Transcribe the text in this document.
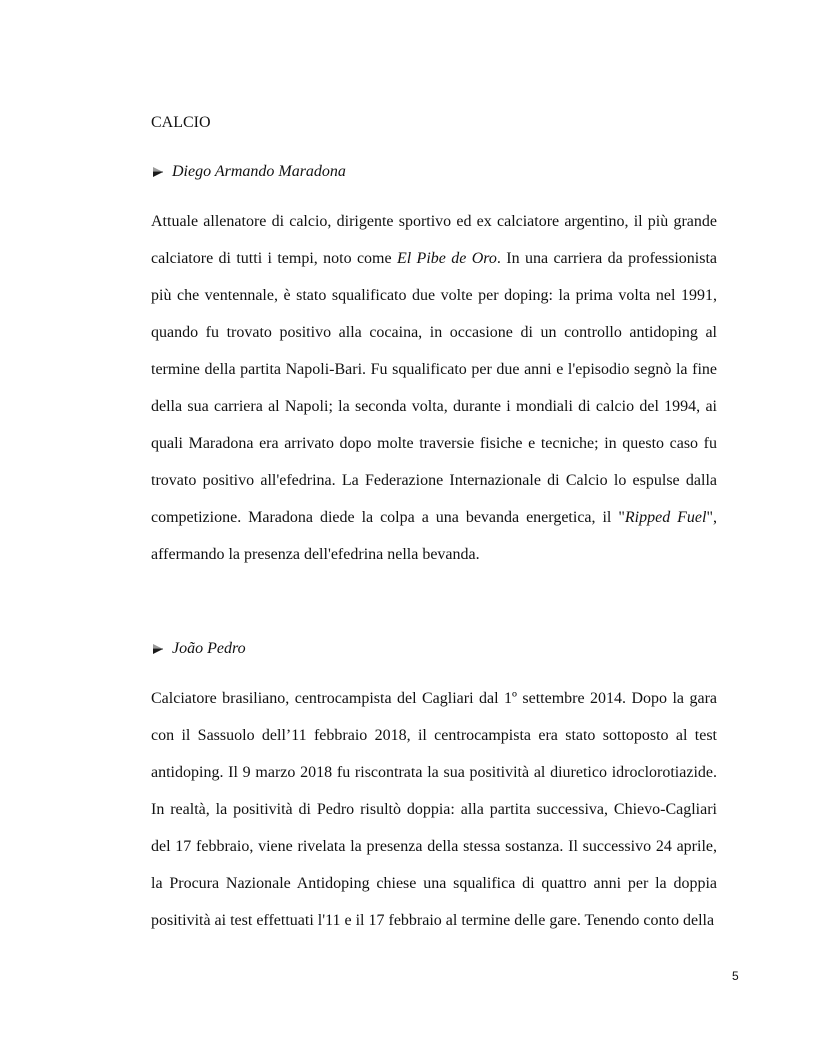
CALCIO
Diego Armando Maradona

Attuale allenatore di calcio, dirigente sportivo ed ex calciatore argentino, il più grande calciatore di tutti i tempi, noto come El Pibe de Oro. In una carriera da professionista più che ventennale, è stato squalificato due volte per doping: la prima volta nel 1991, quando fu trovato positivo alla cocaina, in occasione di un controllo antidoping al termine della partita Napoli-Bari. Fu squalificato per due anni e l'episodio segnò la fine della sua carriera al Napoli; la seconda volta, durante i mondiali di calcio del 1994, ai quali Maradona era arrivato dopo molte traversie fisiche e tecniche; in questo caso fu trovato positivo all'efedrina. La Federazione Internazionale di Calcio lo espulse dalla competizione. Maradona diede la colpa a una bevanda energetica, il "Ripped Fuel", affermando la presenza dell'efedrina nella bevanda.

João Pedro

Calciatore brasiliano, centrocampista del Cagliari dal 1º settembre 2014. Dopo la gara con il Sassuolo dell’11 febbraio 2018, il centrocampista era stato sottoposto al test antidoping. Il 9 marzo 2018 fu riscontrata la sua positività al diuretico idroclorotiazide. In realtà, la positività di Pedro risultò doppia: alla partita successiva, Chievo-Cagliari del 17 febbraio, viene rivelata la presenza della stessa sostanza. Il successivo 24 aprile, la Procura Nazionale Antidoping chiese una squalifica di quattro anni per la doppia positività ai test effettuati l'11 e il 17 febbraio al termine delle gare. Tenendo conto della

5
